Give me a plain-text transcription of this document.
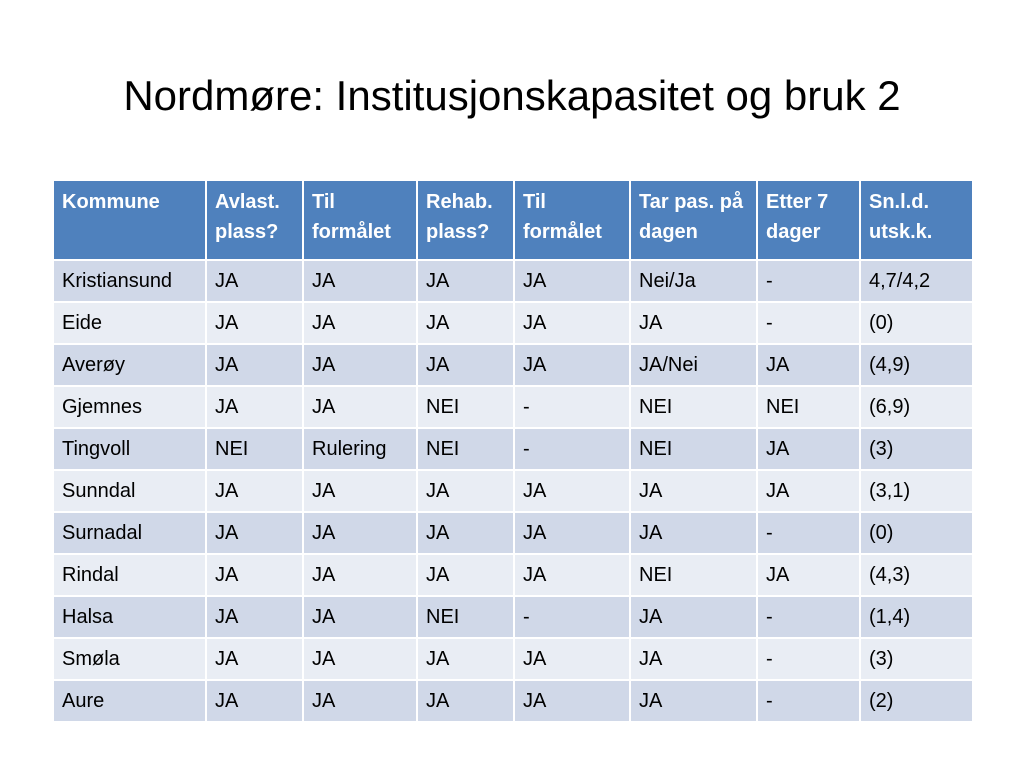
Nordmøre: Institusjonskapasitet og bruk 2
Kommune	Avlast. plass?	Til formålet	Rehab. plass?	Til formålet	Tar pas. på dagen	Etter 7 dager	Sn.l.d. utsk.k.
Kristiansund	JA	JA	JA	JA	Nei/Ja	-	4,7/4,2
Eide	JA	JA	JA	JA	JA	-	(0)
Averøy	JA	JA	JA	JA	JA/Nei	JA	(4,9)
Gjemnes	JA	JA	NEI	-	NEI	NEI	(6,9)
Tingvoll	NEI	Rulering	NEI	-	NEI	JA	(3)
Sunndal	JA	JA	JA	JA	JA	JA	(3,1)
Surnadal	JA	JA	JA	JA	JA	-	(0)
Rindal	JA	JA	JA	JA	NEI	JA	(4,3)
Halsa	JA	JA	NEI	-	JA	-	(1,4)
Smøla	JA	JA	JA	JA	JA	-	(3)
Aure	JA	JA	JA	JA	JA	-	(2)
